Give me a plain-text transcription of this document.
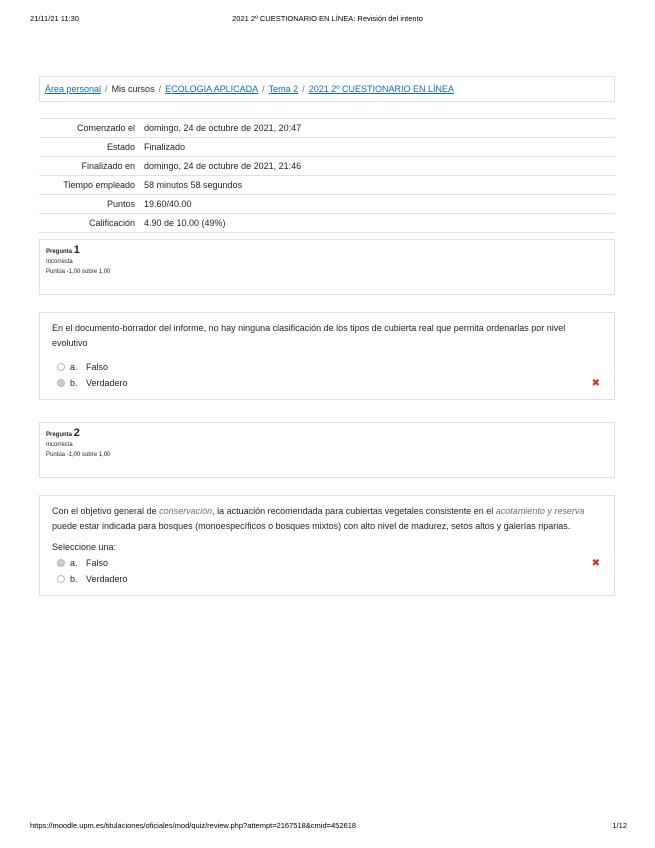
21/11/21 11:30	2021 2º CUESTIONARIO EN LÍNEA: Revisión del intento
Área personal / Mis cursos / ECOLOGIA APLICADA / Tema 2 / 2021 2º CUESTIONARIO EN LÍNEA
Comenzado el	domingo, 24 de octubre de 2021, 20:47
Estado	Finalizado
Finalizado en	domingo, 24 de octubre de 2021, 21:46
Tiempo empleado	58 minutos 58 segundos
Puntos	19.60/40.00
Calificación	4.90 de 10.00 (49%)
Pregunta 1
Incorrecta
Puntúa -1,00 sobre 1,00
En el documento-borrador del informe, no hay ninguna clasificación de los tipos de cubierta real que permita ordenarlas por nivel evolutivo
a. Falso
b. Verdadero	✖
Pregunta 2
Incorrecta
Puntúa -1,00 sobre 1,00
Con el objetivo general de conservación, la actuación recomendada para cubiertas vegetales consistente en el acotamiento y reserva puede estar indicada para bosques (monoespecíficos o bosques mixtos) con alto nivel de madurez, setos altos y galerías riparias.
Seleccione una:
a. Falso	✖
b. Verdadero
https://moodle.upm.es/titulaciones/oficiales/mod/quiz/review.php?attempt=2167518&cmid=452618	1/12
